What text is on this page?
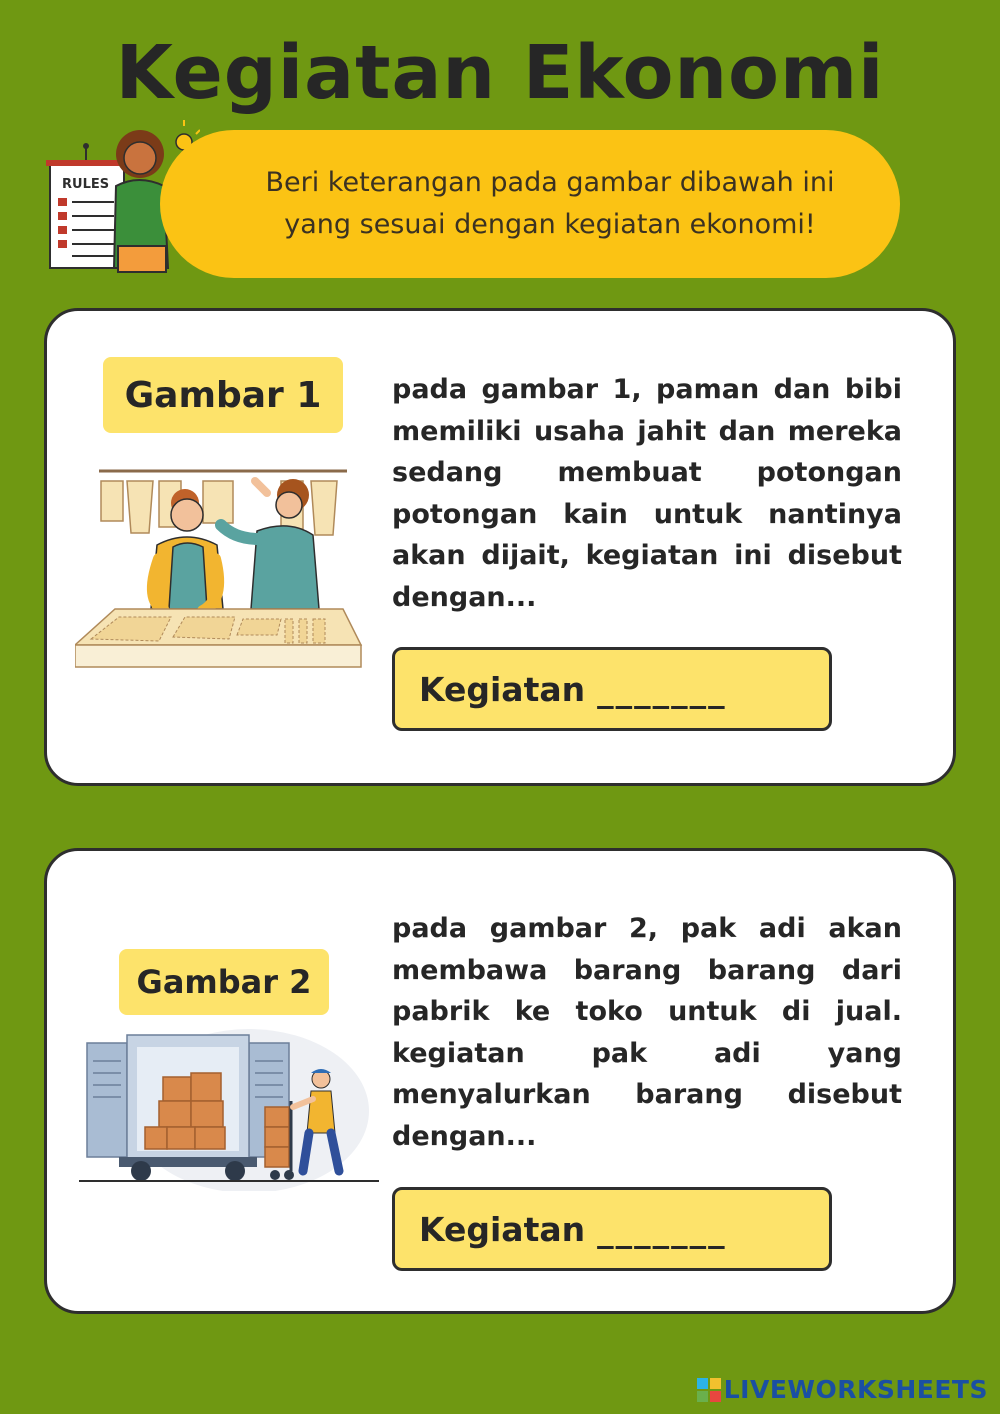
Kegiatan Ekonomi
RULES	Beri keterangan pada gambar dibawah ini
yang sesuai dengan kegiatan ekonomi!

Gambar 1	pada gambar 1, paman dan bibi memiliki usaha jahit dan mereka sedang membuat potongan potongan kain untuk nantinya akan dijait, kegiatan ini disebut dengan...

Kegiatan _______
Gambar 2

pada gambar 2, pak adi akan membawa barang barang dari pabrik ke toko untuk di jual. kegiatan pak adi yang menyalurkan barang disebut dengan...

Kegiatan _______
LIVEWORKSHEETS
